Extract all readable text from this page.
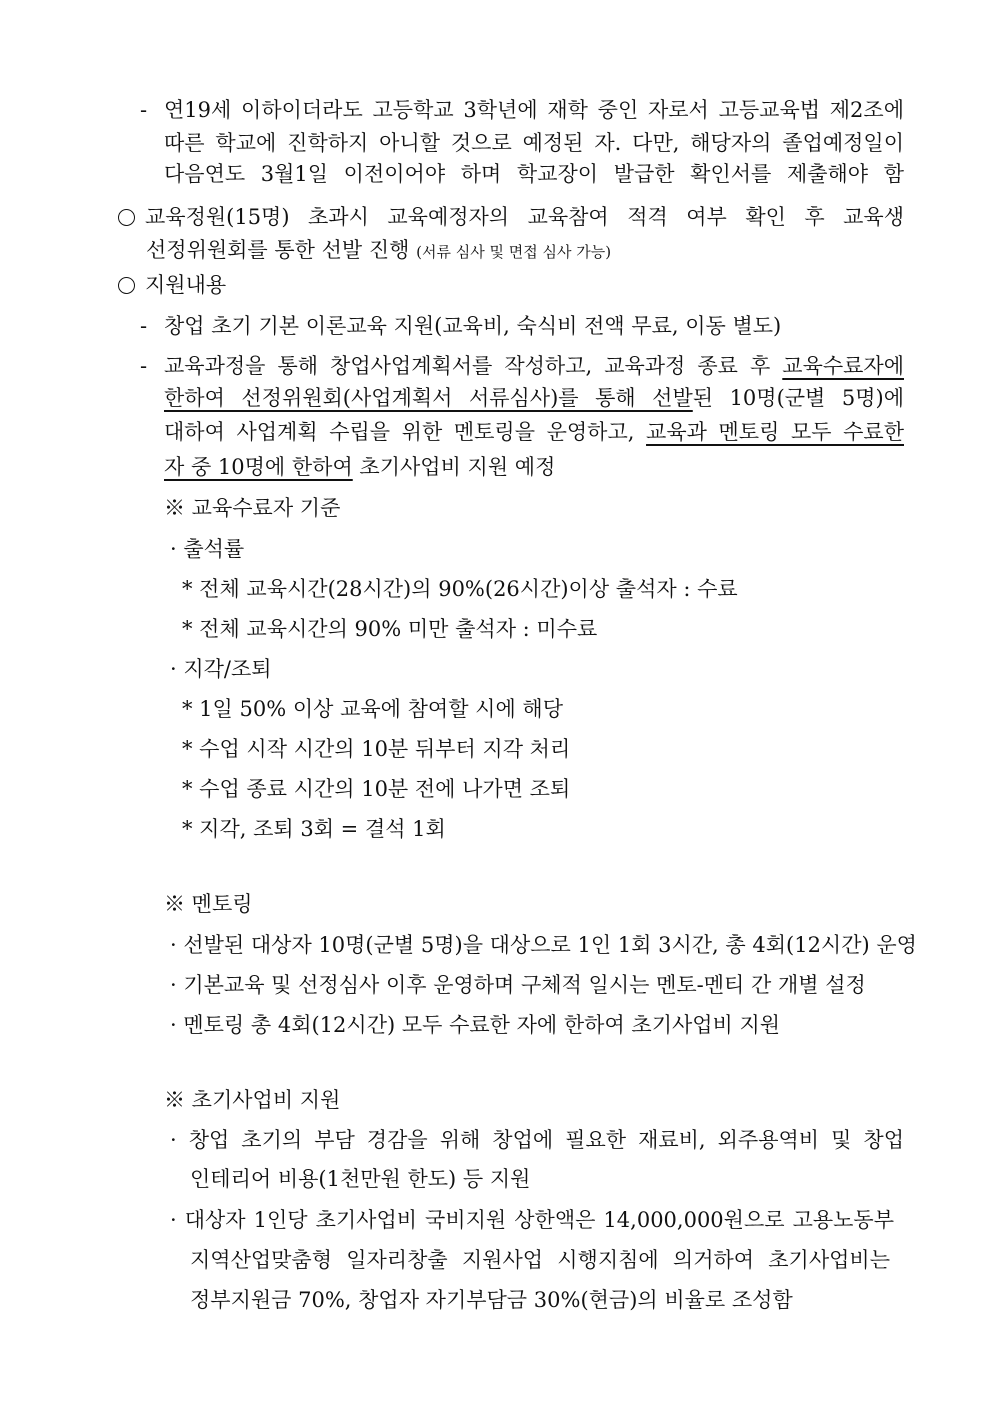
- 연19세 이하이더라도 고등학교 3학년에 재학 중인 자로서 고등교육법 제2조에
따른 학교에 진학하지 아니할 것으로 예정된 자. 다만, 해당자의 졸업예정일이
다음연도 3월1일 이전이어야 하며 학교장이 발급한 확인서를 제출해야 함
교육정원(15명) 초과시 교육예정자의 교육참여 적격 여부 확인 후 교육생
선정위원회를 통한 선발 진행 (서류 심사 및 면접 심사 가능)
지원내용
- 창업 초기 기본 이론교육 지원(교육비, 숙식비 전액 무료, 이동 별도)
- 교육과정을 통해 창업사업계획서를 작성하고, 교육과정 종료 후 교육수료자에
한하여 선정위원회(사업계획서 서류심사)를 통해 선발된 10명(군별 5명)에
대하여 사업계획 수립을 위한 멘토링을 운영하고, 교육과 멘토링 모두 수료한
자 중 10명에 한하여 초기사업비 지원 예정
※ 교육수료자 기준
· 출석률
* 전체 교육시간(28시간)의 90%(26시간)이상 출석자 : 수료
* 전체 교육시간의 90% 미만 출석자 : 미수료
· 지각/조퇴
* 1일 50% 이상 교육에 참여할 시에 해당
* 수업 시작 시간의 10분 뒤부터 지각 처리
* 수업 종료 시간의 10분 전에 나가면 조퇴
* 지각, 조퇴 3회 = 결석 1회
※ 멘토링
· 선발된 대상자 10명(군별 5명)을 대상으로 1인 1회 3시간, 총 4회(12시간) 운영
· 기본교육 및 선정심사 이후 운영하며 구체적 일시는 멘토-멘티 간 개별 설정
· 멘토링 총 4회(12시간) 모두 수료한 자에 한하여 초기사업비 지원
※ 초기사업비 지원
· 창업 초기의 부담 경감을 위해 창업에 필요한 재료비, 외주용역비 및 창업
인테리어 비용(1천만원 한도) 등 지원
· 대상자 1인당 초기사업비 국비지원 상한액은 14,000,000원으로 고용노동부
지역산업맞춤형 일자리창출 지원사업 시행지침에 의거하여 초기사업비는
정부지원금 70%, 창업자 자기부담금 30%(현금)의 비율로 조성함
